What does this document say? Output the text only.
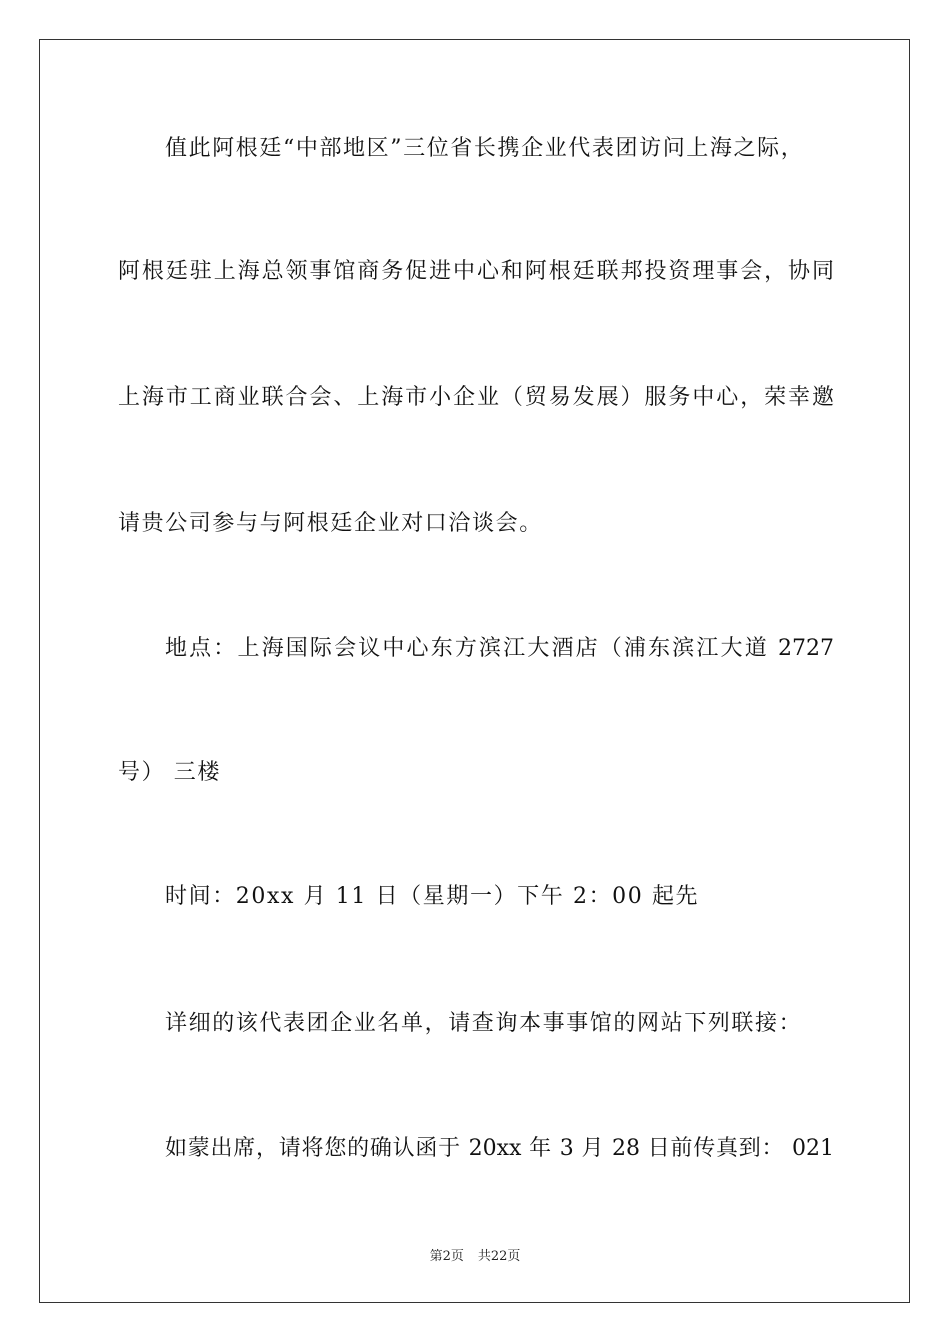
值此阿根廷“中部地区”三位省长携企业代表团访问上海之际，
阿根廷驻上海总领事馆商务促进中心和阿根廷联邦投资理事会，协同
上海市工商业联合会、上海市小企业（贸易发展）服务中心，荣幸邀
请贵公司参与与阿根廷企业对口洽谈会。
地点：上海国际会议中心东方滨江大酒店（浦东滨江大道 2727
号） 三楼
时间：20xx 月 11 日（星期一）下午 2：00 起先
详细的该代表团企业名单，请查询本事事馆的网站下列联接：
如蒙出席，请将您的确认函于 20xx 年 3 月 28 日前传真到： 021
第2页 共22页
